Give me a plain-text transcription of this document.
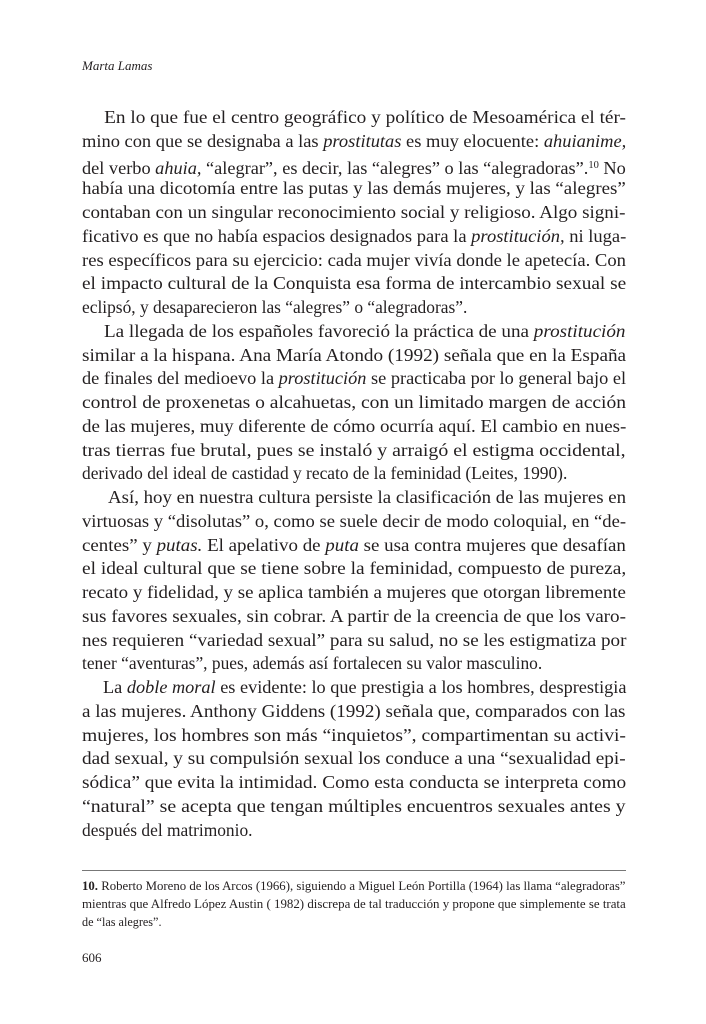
Marta Lamas
En lo que fue el centro geográfico y político de Mesoamérica el tér-
mino con que se designaba a las prostitutas es muy elocuente: ahuianime,
del verbo ahuia, “alegrar”, es decir, las “alegres” o las “alegradoras”.$^{10}$ No
había una dicotomía entre las putas y las demás mujeres, y las “alegres”
contaban con un singular reconocimiento social y religioso. Algo signi-
ficativo es que no había espacios designados para la prostitución, ni luga-
res específicos para su ejercicio: cada mujer vivía donde le apetecía. Con
el impacto cultural de la Conquista esa forma de intercambio sexual se
eclipsó, y desaparecieron las “alegres” o “alegradoras”.
La llegada de los españoles favoreció la práctica de una prostitución
similar a la hispana. Ana María Atondo (1992) señala que en la España
de finales del medioevo la prostitución se practicaba por lo general bajo el
control de proxenetas o alcahuetas, con un limitado margen de acción
de las mujeres, muy diferente de cómo ocurría aquí. El cambio en nues-
tras tierras fue brutal, pues se instaló y arraigó el estigma occidental,
derivado del ideal de castidad y recato de la feminidad (Leites, 1990).
Así, hoy en nuestra cultura persiste la clasificación de las mujeres en
virtuosas y “disolutas” o, como se suele decir de modo coloquial, en “de-
centes” y putas. El apelativo de puta se usa contra mujeres que desafían
el ideal cultural que se tiene sobre la feminidad, compuesto de pureza,
recato y fidelidad, y se aplica también a mujeres que otorgan libremente
sus favores sexuales, sin cobrar. A partir de la creencia de que los varo-
nes requieren “variedad sexual” para su salud, no se les estigmatiza por
tener “aventuras”, pues, además así fortalecen su valor masculino.
La doble moral es evidente: lo que prestigia a los hombres, desprestigia
a las mujeres. Anthony Giddens (1992) señala que, comparados con las
mujeres, los hombres son más “inquietos”, compartimentan su activi-
dad sexual, y su compulsión sexual los conduce a una “sexualidad epi-
sódica” que evita la intimidad. Como esta conducta se interpreta como
“natural” se acepta que tengan múltiples encuentros sexuales antes y
después del matrimonio.
10. Roberto Moreno de los Arcos (1966), siguiendo a Miguel León Portilla (1964) las llama “alegradoras”
mientras que Alfredo López Austin ( 1982) discrepa de tal traducción y propone que simplemente se trata
de “las alegres”.
606
